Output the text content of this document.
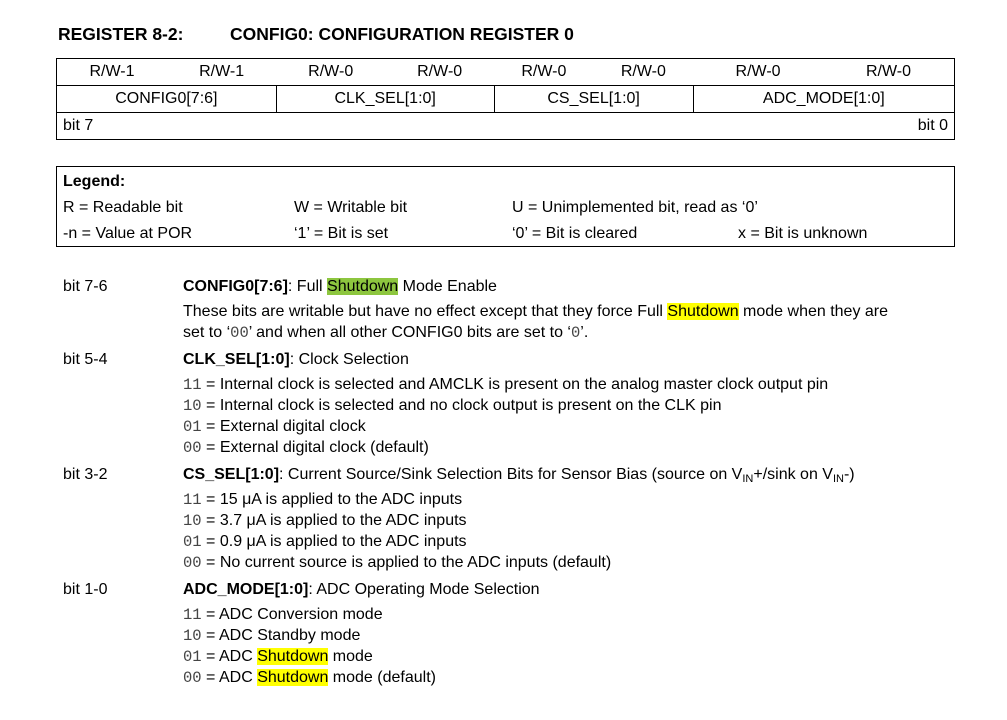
REGISTER 8-2:	CONFIG0: CONFIGURATION REGISTER 0
R/W-1	R/W-1	R/W-0	R/W-0	R/W-0	R/W-0	R/W-0	R/W-0
CONFIG0[7:6]		CLK_SEL[1:0]		CS_SEL[1:0]		ADC_MODE[1:0]	
bit 7 bit 0							
Legend:
R = Readable bit	W = Writable bit	U = Unimplemented bit, read as ‘0’
-n = Value at POR	‘1’ = Bit is set	‘0’ = Bit is cleared	x = Bit is unknown
bit 7-6	CONFIG0[7:6]: Full Shutdown Mode Enable
These bits are writable but have no effect except that they force Full Shutdown mode when they are
set to ‘00’ and when all other CONFIG0 bits are set to ‘0’.
bit 5-4	CLK_SEL[1:0]: Clock Selection
11 = Internal clock is selected and AMCLK is present on the analog master clock output pin
10 = Internal clock is selected and no clock output is present on the CLK pin
01 = External digital clock
00 = External digital clock (default)
bit 3-2	CS_SEL[1:0]: Current Source/Sink Selection Bits for Sensor Bias (source on $V_{IN}+$/sink on $V_{IN}-$)
11 = 15 μA is applied to the ADC inputs
10 = 3.7 μA is applied to the ADC inputs
01 = 0.9 μA is applied to the ADC inputs
00 = No current source is applied to the ADC inputs (default)
bit 1-0	ADC_MODE[1:0]: ADC Operating Mode Selection
11 = ADC Conversion mode
10 = ADC Standby mode
01 = ADC Shutdown mode
00 = ADC Shutdown mode (default)
